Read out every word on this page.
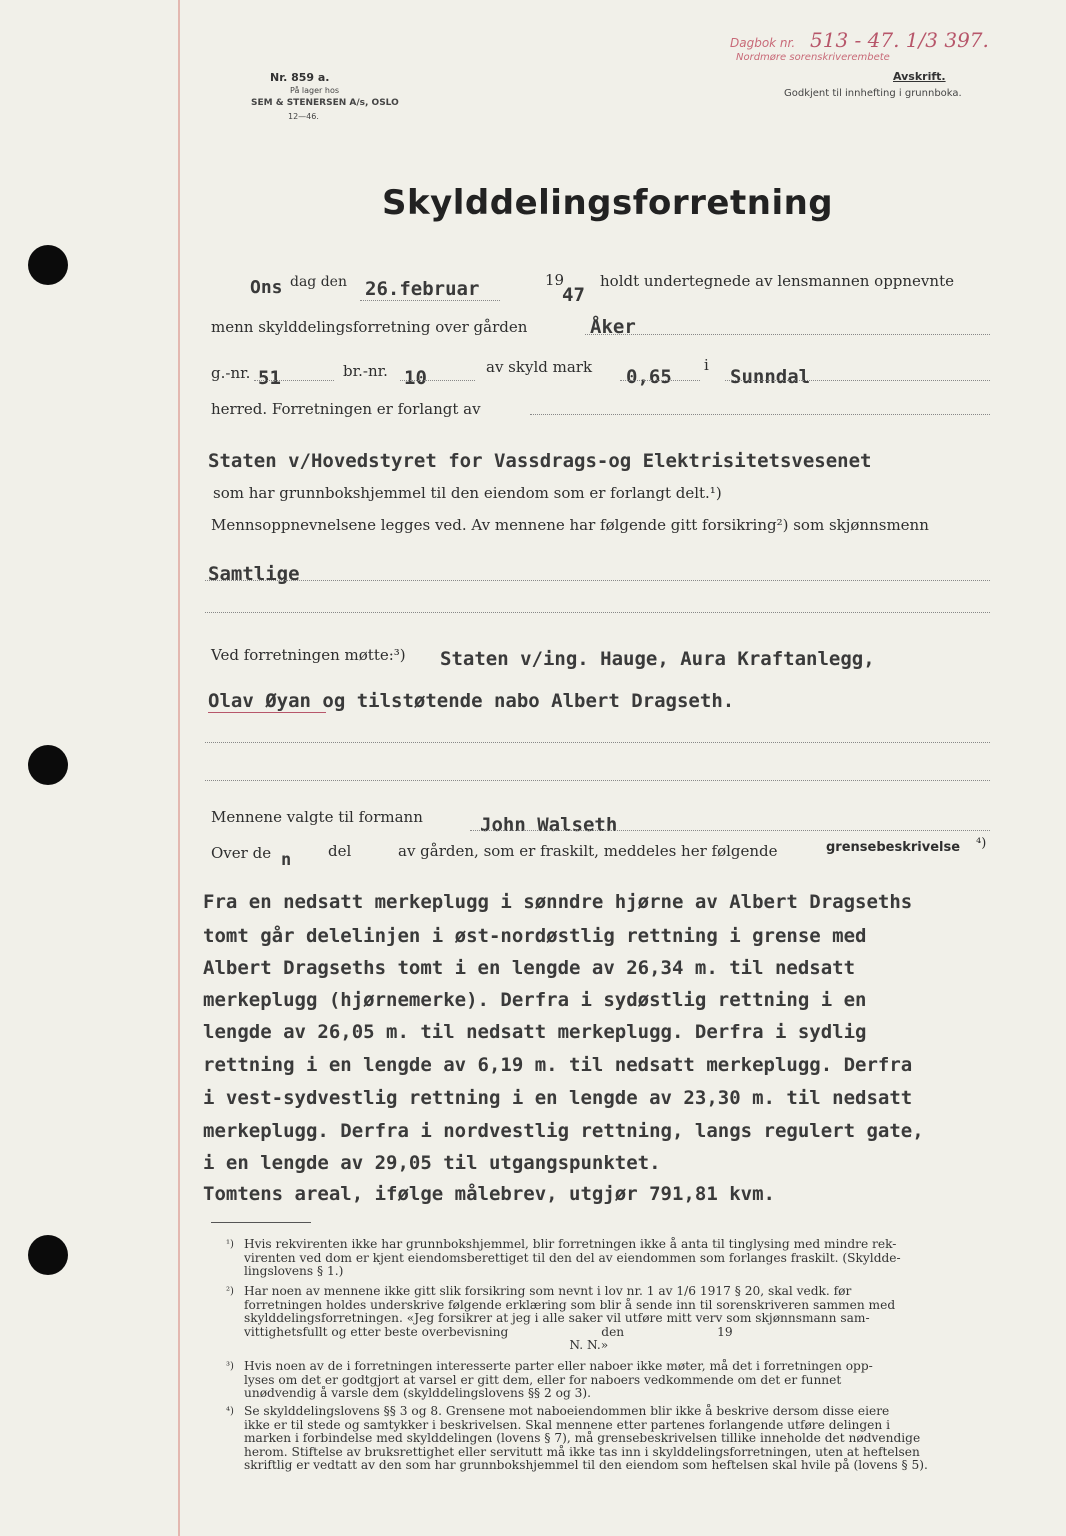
Nr. 859 a.
På lager hos
SEM & STENERSEN A/s, OSLO
12—46.
Dagbok nr. 513 - 47. 1/3 397.
Nordmøre sorenskriverembete
Avskrift.
Godkjent til innhefting i grunnboka.
Skylddelingsforretning
Ons dag den 26.februar	19
47
holdt undertegnede av lensmannen oppnevnte
menn skylddelingsforretning over gården	Åker
g.-nr. 51	br.-nr. 10	av skyld mark 0,65
i
Sunndal
herred. Forretningen er forlangt av
Staten v/Hovedstyret for Vassdrags-og Elektrisitetsvesenet
som har grunnbokshjemmel til den eiendom som er forlangt delt.¹)
Mennsoppnevnelsene legges ved. Av mennene har følgende gitt forsikring²) som skjønnsmenn
Samtlige
Ved forretningen møtte:³) Staten v/ing. Hauge, Aura Kraftanlegg,
Olav Øyan og tilstøtende nabo Albert Dragseth.
Mennene valgte til formann	John Walseth
Over de n del	av gården, som er fraskilt, meddeles her følgende	grensebeskrivelse ⁴)
Fra en nedsatt merkeplugg i sønndre hjørne av Albert Dragseths
tomt går delelinjen i øst-nordøstlig rettning i grense med
Albert Dragseths tomt i en lengde av 26,34 m. til nedsatt
merkeplugg (hjørnemerke). Derfra i sydøstlig rettning i en
lengde av 26,05 m. til nedsatt merkeplugg. Derfra i sydlig
rettning i en lengde av 6,19 m. til nedsatt merkeplugg. Derfra
i vest-sydvestlig rettning i en lengde av 23,30 m. til nedsatt
merkeplugg. Derfra i nordvestlig rettning, langs regulert gate,
i en lengde av 29,05 til utgangspunktet.
Tomtens areal, ifølge målebrev, utgjør 791,81 kvm.
¹) Hvis rekvirenten ikke har grunnbokshjemmel, blir forretningen ikke å anta til tinglysing med mindre rek-
virenten ved dom er kjent eiendomsberettiget til den del av eiendommen som forlanges fraskilt. (Skyldde-
lingslovens § 1.)
²) Har noen av mennene ikke gitt slik forsikring som nevnt i lov nr. 1 av 1/6 1917 § 20, skal vedk. før
forretningen holdes underskrive følgende erklæring som blir å sende inn til sorenskriveren sammen med
skylddelingsforretningen. «Jeg forsikrer at jeg i alle saker vil utføre mitt verv som skjønnsmann sam-
vittighetsfullt og etter beste overbevisning                        den                        19
N. N.»
³) Hvis noen av de i forretningen interesserte parter eller naboer ikke møter, må det i forretningen opp-
lyses om det er godtgjort at varsel er gitt dem, eller for naboers vedkommende om det er funnet
unødvendig å varsle dem (skylddelingslovens §§ 2 og 3).
⁴) Se skylddelingslovens §§ 3 og 8. Grensene mot naboeiendommen blir ikke å beskrive dersom disse eiere
ikke er til stede og samtykker i beskrivelsen. Skal mennene etter partenes forlangende utføre delingen i
marken i forbindelse med skylddelingen (lovens § 7), må grensebeskrivelsen tillike inneholde det nødvendige
herom. Stiftelse av bruksrettighet eller servitutt må ikke tas inn i skylddelingsforretningen, uten at heftelsen
skriftlig er vedtatt av den som har grunnbokshjemmel til den eiendom som heftelsen skal hvile på (lovens § 5).
